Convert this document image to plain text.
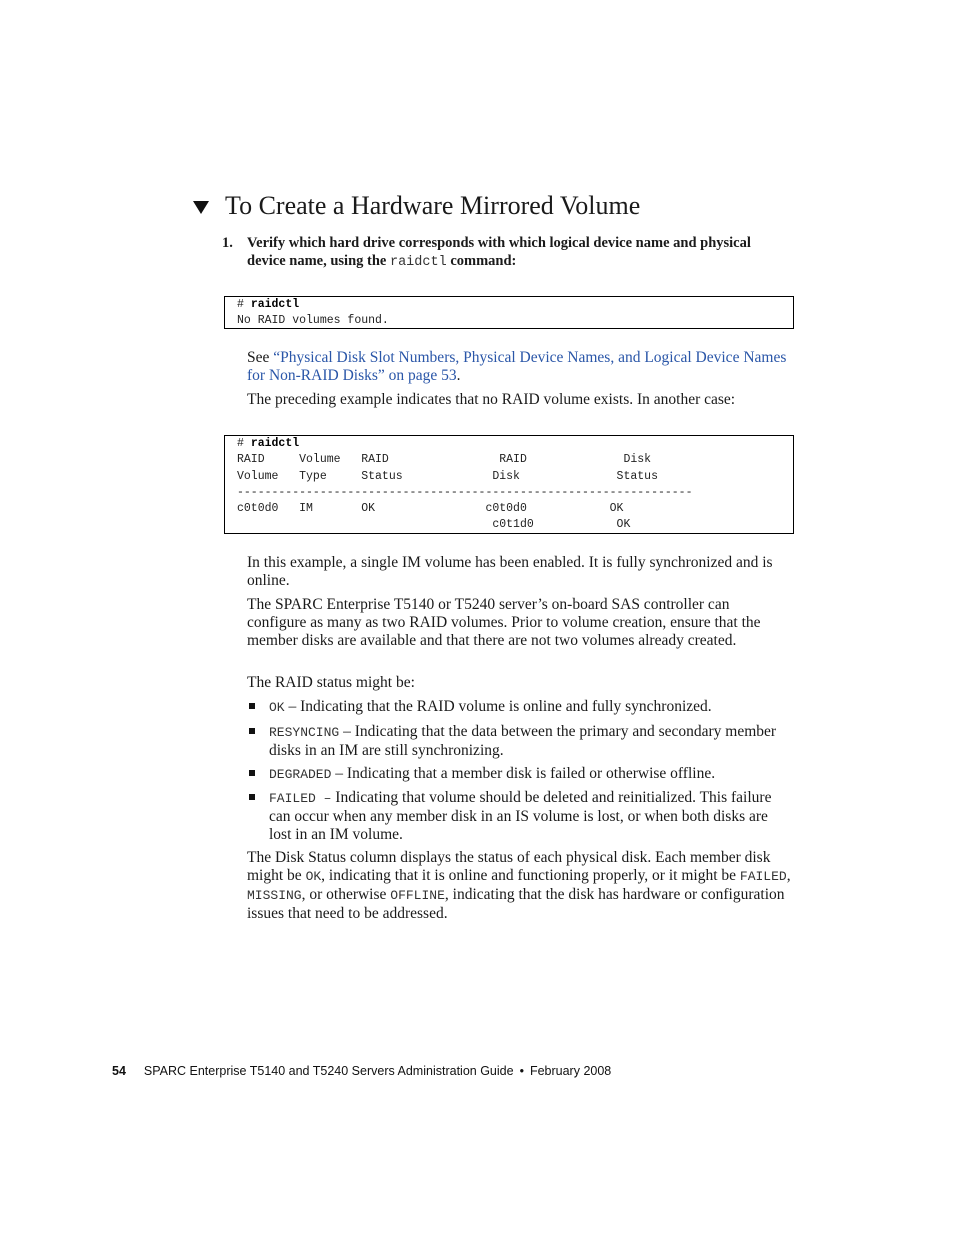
To Create a Hardware Mirrored Volume
1. Verify which hard drive corresponds with which logical device name and physical device name, using the raidctl command:
# raidctl
No RAID volumes found.
See “Physical Disk Slot Numbers, Physical Device Names, and Logical Device Names for Non-RAID Disks” on page 53.
The preceding example indicates that no RAID volume exists. In another case:
# raidctl
RAID     Volume   RAID                RAID              Disk
Volume   Type     Status             Disk              Status
------------------------------------------------------------------
c0t0d0   IM       OK                c0t0d0            OK
c0t1d0            OK
In this example, a single IM volume has been enabled. It is fully synchronized and is online.
The SPARC Enterprise T5140 or T5240 server’s on-board SAS controller can configure as many as two RAID volumes. Prior to volume creation, ensure that the member disks are available and that there are not two volumes already created.
The RAID status might be:
OK – Indicating that the RAID volume is online and fully synchronized.
RESYNCING – Indicating that the data between the primary and secondary member disks in an IM are still synchronizing.
DEGRADED – Indicating that a member disk is failed or otherwise offline.
FAILED – Indicating that volume should be deleted and reinitialized. This failure can occur when any member disk in an IS volume is lost, or when both disks are lost in an IM volume.
The Disk Status column displays the status of each physical disk. Each member disk might be OK, indicating that it is online and functioning properly, or it might be FAILED, MISSING, or otherwise OFFLINE, indicating that the disk has hardware or configuration issues that need to be addressed.
54 SPARC Enterprise T5140 and T5240 Servers Administration Guide • February 2008
